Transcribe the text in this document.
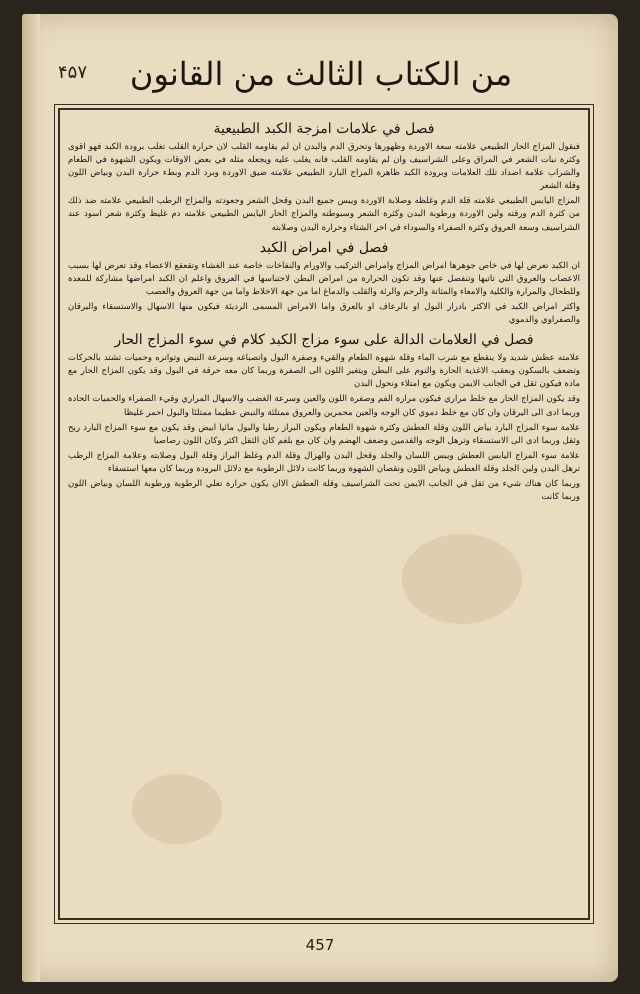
۴۵۷	من الكتاب الثالث من القانون
فصل في علامات امزجة الكبد الطبيعية

فنقول المزاج الحار الطبيعي علامته سعة الاوردة وظهورها وتحرق الدم والبدن ان لم يقاومه القلب لان حرارة القلب تغلب برودة الكبد فهو اقوى وكثرة نبات الشعر في المراق وعلى الشراسيف وان لم يقاومه القلب فانه يغلب عليه ويجعله مثله في بعض الاوقات ويكون الشهوة في الطعام والشراب علامة اضداد تلك العلامات وبرودة الكبد ظاهرة المزاج البارد الطبيعي علامته ضيق الاوردة وبرد الدم وبطء حرارة البدن وبياض اللون وقلة الشعر

المزاج اليابس الطبيعي علامته قلة الدم وغلظه وصلابة الاوردة ويبس جميع البدن وقحل الشعر وجعودته والمزاج الرطب الطبيعي علامته ضد ذلك من كثرة الدم ورقته ولين الاوردة ورطوبة البدن وكثرة الشعر وسبوطته والمزاج الحار اليابس الطبيعي علامته دم غليظ وكثرة شعر اسود عند الشراسيف وسعة العروق وكثرة الصفراء والسوداء في اخر الشتاء وحرارة البدن وصلابته

فصل في امراض الكبد

ان الكبد تعرض لها في خاص جوهرها امراض المزاج وامراض التركيب والاورام والنفاخات خاصة عند الغشاء وتقعقع الاعضاء وقد تعرض لها بسبب الاعصاب والعروق التي تاتيها وتنفصل عنها وقد تكون الحرارة من امراض البطن لاحتباسها في العروق واعلم ان الكبد امراضها مشاركة للمعدة وللطحال والمرارة والكلية والامعاء والمثانة والرحم والرئة والقلب والدماغ اما من جهة الاخلاط واما من جهة العروق والعصب

واكثر امراض الكبد في الاكثر بادرار البول او بالرعاف او بالعرق واما الامراض المسمى الرديئة فيكون منها الاسهال والاستسقاء واليرقان والصفراوي والدموي

فصل في العلامات الدالة على سوء مزاج الكبد كلام في سوء المزاج الحار

علامته عطش شديد ولا ينقطع مع شرب الماء وقلة شهوة الطعام والقيء وصفرة البول وانصباغه وسرعة النبض وتواتره وحميات تشتد بالحركات وتضعف بالسكون وبعقب الاغذية الحارة والنوم على البطن ويتغير اللون الى الصفرة وربما كان معه حرقة في البول وقد يكون المزاج الحار مع مادة فيكون ثقل في الجانب الايمن ويكون مع امتلاء ونحول البدن

وقد يكون المزاج الحار مع خلط مراري فيكون مرارة الفم وصفرة اللون والعين وسرعة الغضب والاسهال المراري وقيء الصفراء والحميات الحادة وربما ادى الى اليرقان وان كان مع خلط دموي كان الوجه والعين محمرين والعروق ممتلئة والنبض عظيما ممتلئا والبول احمر غليظا

علامة سوء المزاج البارد بياض اللون وقلة العطش وكثرة شهوة الطعام ويكون البراز رطبا والبول مائيا ابيض وقد يكون مع سوء المزاج البارد ريح وثقل وربما ادى الى الاستسقاء وترهل الوجه والقدمين وضعف الهضم وان كان مع بلغم كان الثقل اكثر وكان اللون رصاصيا

علامة سوء المزاج اليابس العطش ويبس اللسان والجلد وقحل البدن والهزال وقلة الدم وغلظ البراز وقلة البول وصلابته وعلامة المزاج الرطب ترهل البدن ولين الجلد وقلة العطش وبياض اللون ونقصان الشهوة وربما كانت دلائل الرطوبة مع دلائل البرودة وربما كان معها استسقاء

وربما كان هناك شيء من ثقل في الجانب الايمن تحت الشراسيف وقلة العطش الاان يكون حرارة تغلي الرطوبة ورطوبة اللسان وبياض اللون وربما كانت

457
